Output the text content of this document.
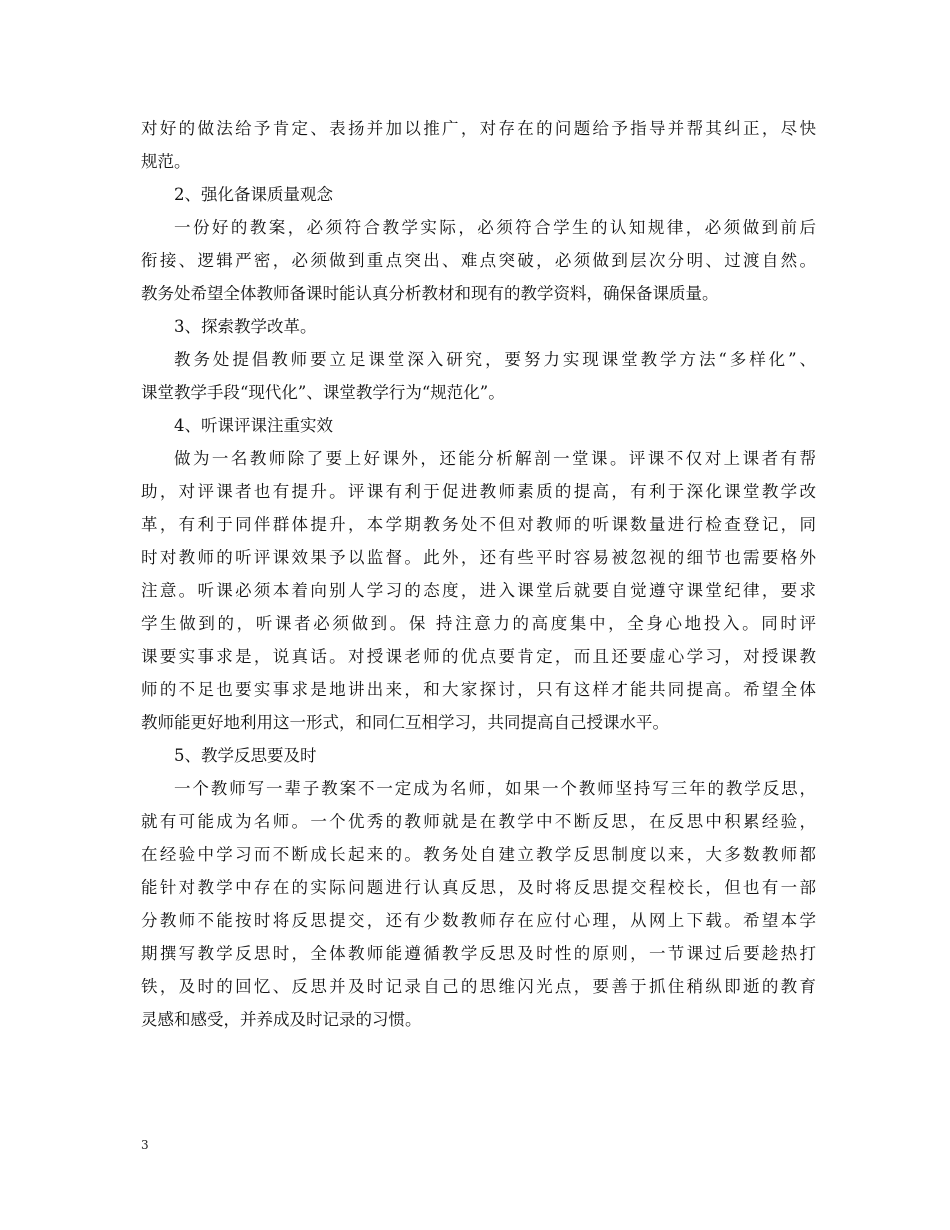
对好的做法给予肯定、表扬并加以推广，对存在的问题给予指导并帮其纠正，尽快
规范。
2、强化备课质量观念
一份好的教案，必须符合教学实际，必须符合学生的认知规律，必须做到前后
衔接、逻辑严密，必须做到重点突出、难点突破，必须做到层次分明、过渡自然。
教务处希望全体教师备课时能认真分析教材和现有的教学资料，确保备课质量。
3、探索教学改革。
教务处提倡教师要立足课堂深入研究，要努力实现课堂教学方法“多样化”、
课堂教学手段“现代化”、课堂教学行为“规范化”。
4、听课评课注重实效
做为一名教师除了要上好课外，还能分析解剖一堂课。评课不仅对上课者有帮
助，对评课者也有提升。评课有利于促进教师素质的提高，有利于深化课堂教学改
革，有利于同伴群体提升，本学期教务处不但对教师的听课数量进行检查登记，同
时对教师的听评课效果予以监督。此外，还有些平时容易被忽视的细节也需要格外
注意。听课必须本着向别人学习的态度，进入课堂后就要自觉遵守课堂纪律，要求
学生做到的，听课者必须做到。保 持注意力的高度集中，全身心地投入。同时评
课要实事求是，说真话。对授课老师的优点要肯定，而且还要虚心学习，对授课教
师的不足也要实事求是地讲出来，和大家探讨，只有这样才能共同提高。希望全体
教师能更好地利用这一形式，和同仁互相学习，共同提高自己授课水平。
5、教学反思要及时
一个教师写一辈子教案不一定成为名师，如果一个教师坚持写三年的教学反思，
就有可能成为名师。一个优秀的教师就是在教学中不断反思，在反思中积累经验，
在经验中学习而不断成长起来的。教务处自建立教学反思制度以来，大多数教师都
能针对教学中存在的实际问题进行认真反思，及时将反思提交程校长，但也有一部
分教师不能按时将反思提交，还有少数教师存在应付心理，从网上下载。希望本学
期撰写教学反思时，全体教师能遵循教学反思及时性的原则，一节课过后要趁热打
铁，及时的回忆、反思并及时记录自己的思维闪光点，要善于抓住稍纵即逝的教育
灵感和感受，并养成及时记录的习惯。
3
